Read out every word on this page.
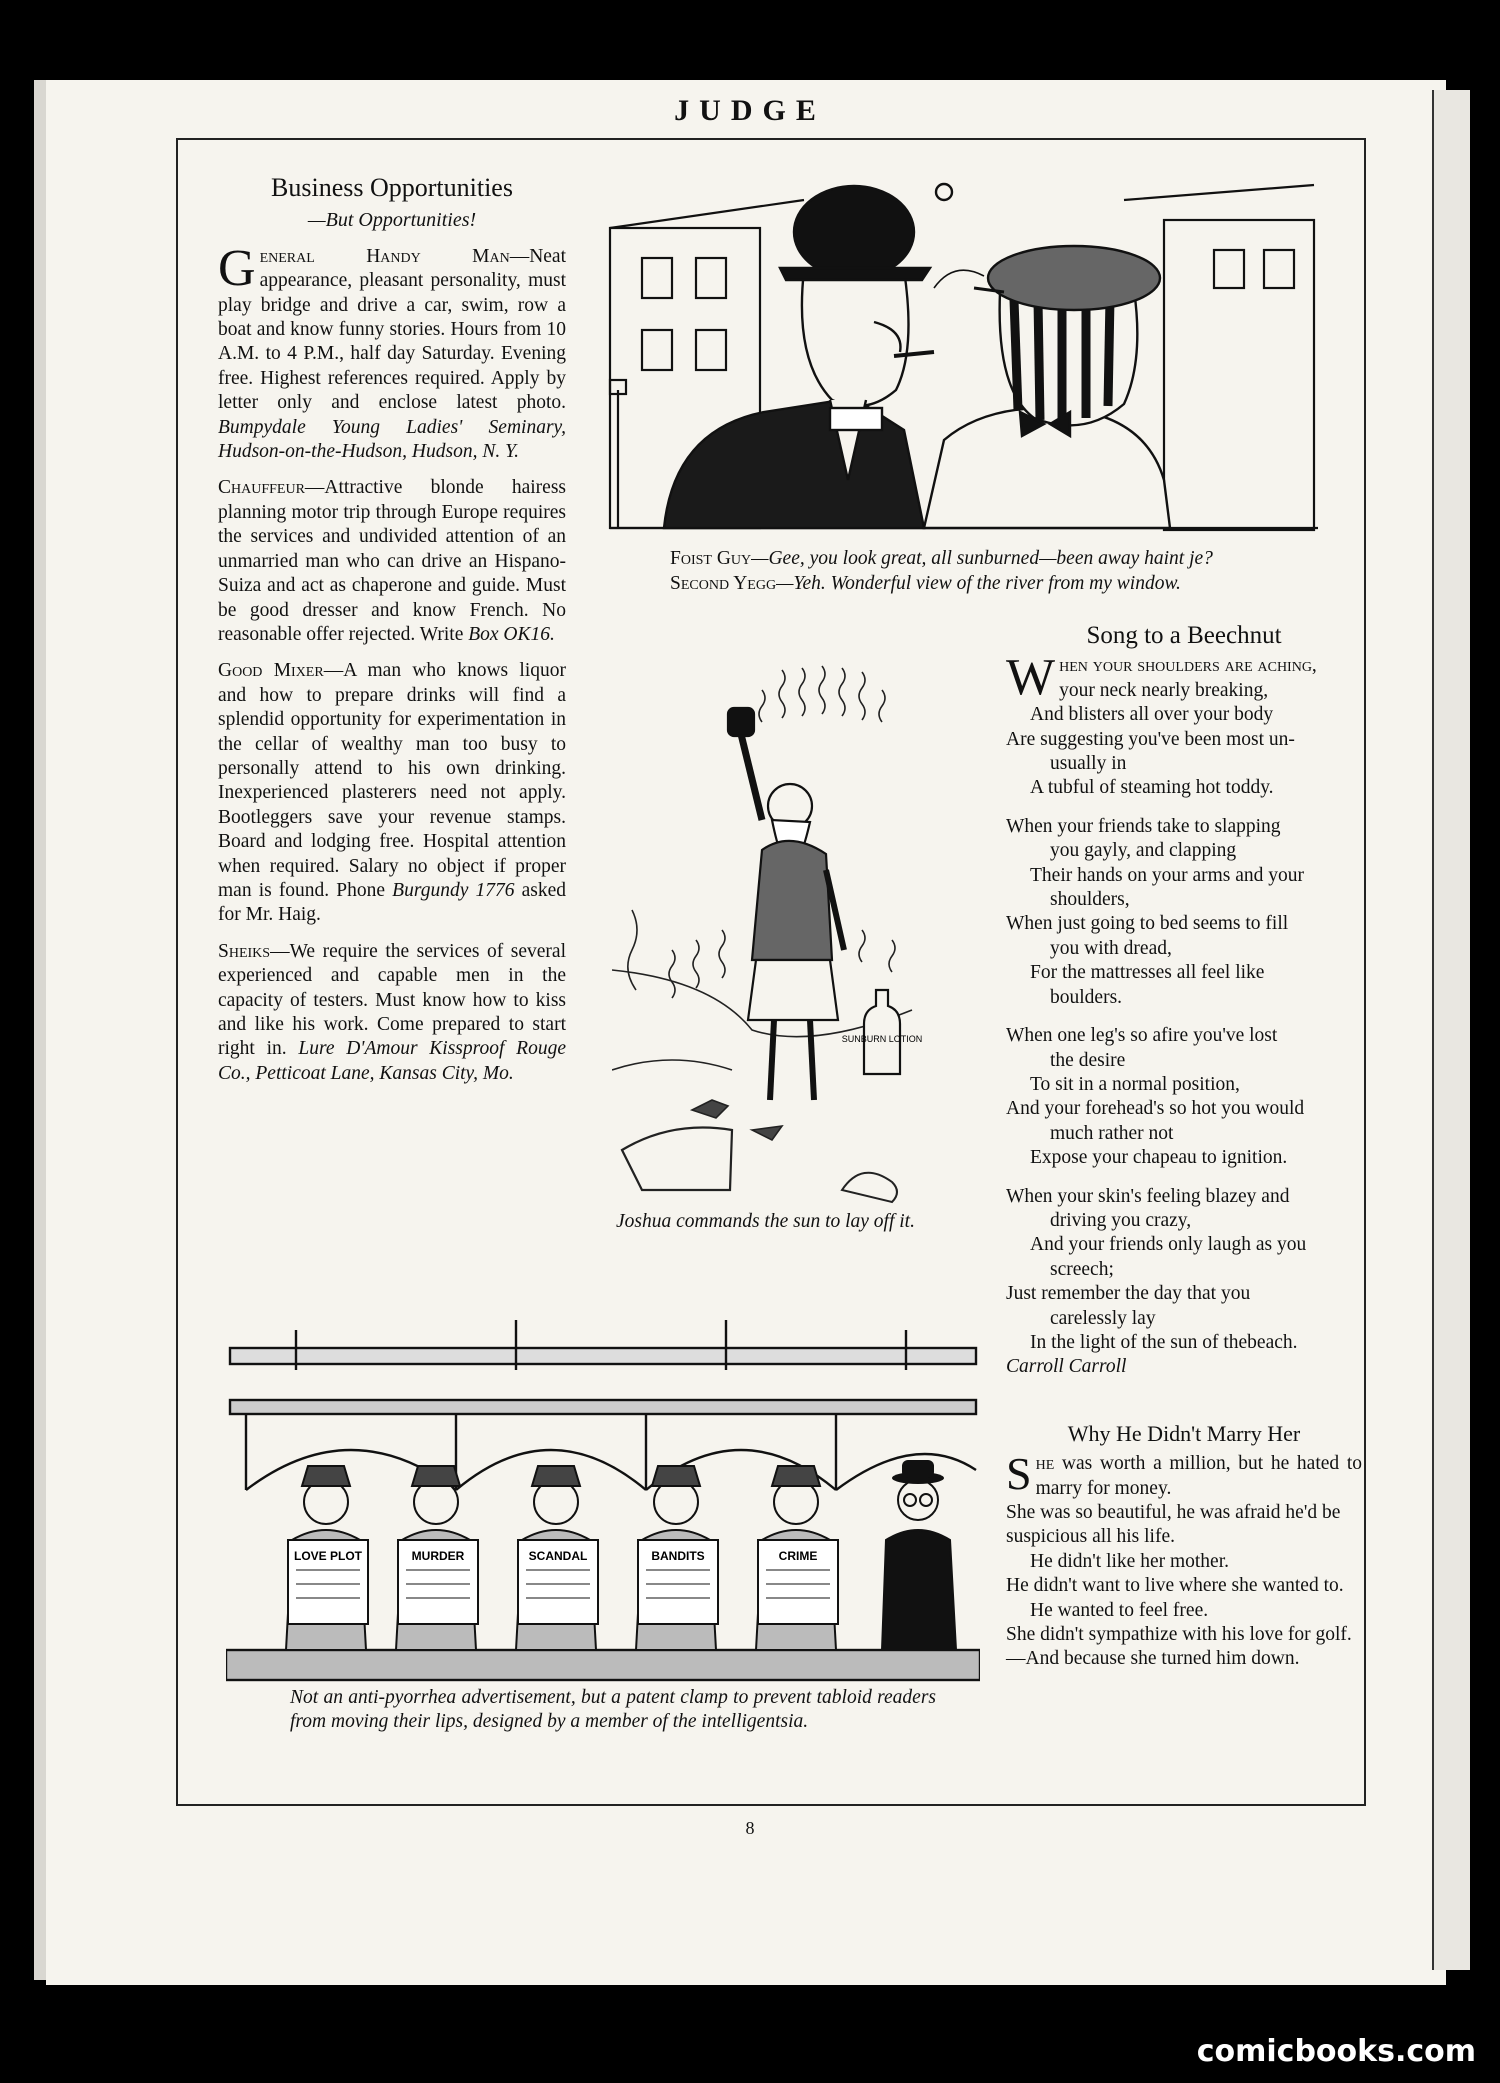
JUDGE
Business Opportunities
—But Opportunities!

General Handy Man—Neat appearance, pleasant personality, must play bridge and drive a car, swim, row a boat and know funny stories. Hours from 10 A.M. to 4 P.M., half day Saturday. Evening free. Highest references required. Apply by letter only and enclose latest photo. Bumpydale Young Ladies' Seminary, Hudson-on-the-Hudson, Hudson, N. Y.

Chauffeur—Attractive blonde hairess planning motor trip through Europe requires the services and undivided attention of an unmarried man who can drive an Hispano-Suiza and act as chaperone and guide. Must be good dresser and know French. No reasonable offer rejected. Write Box OK16.

Good Mixer—A man who knows liquor and how to prepare drinks will find a splendid opportunity for experimentation in the cellar of wealthy man too busy to personally attend to his own drinking. Inexperienced plasterers need not apply. Bootleggers save your revenue stamps. Board and lodging free. Hospital attention when required. Salary no object if proper man is found. Phone Burgundy 1776 asked for Mr. Haig.

Sheiks—We require the services of several experienced and capable men in the capacity of testers. Must know how to kiss and like his work. Come prepared to start right in. Lure D'Amour Kissproof Rouge Co., Petticoat Lane, Kansas City, Mo.

Foist Guy—Gee, you look great, all sunburned—been away haint je?
Second Yegg—Yeh. Wonderful view of the river from my window.
SUNBURN LOTION
Joshua commands the sun to lay off it.
Song to a Beechnut

When your shoulders are aching,

your neck nearly breaking,

And blisters all over your body

Are suggesting you've been most un-

usually in

A tubful of steaming hot toddy.

When your friends take to slapping

you gayly, and clapping

Their hands on your arms and your

shoulders,

When just going to bed seems to fill

you with dread,

For the mattresses all feel like

boulders.

When one leg's so afire you've lost

the desire

To sit in a normal position,

And your forehead's so hot you would

much rather not

Expose your chapeau to ignition.

When your skin's feeling blazey and

driving you crazy,

And your friends only laugh as you

screech;

Just remember the day that you

carelessly lay

In the light of the sun of thebeach.

Carroll Carroll

Why He Didn't Marry Her

She was worth a million, but he hated to marry for money.

She was so beautiful, he was afraid he'd be suspicious all his life.

He didn't like her mother.

He didn't want to live where she wanted to.

He wanted to feel free.

She didn't sympathize with his love for golf.

—And because she turned him down.

LOVE PLOT	MURDER	SCANDAL	BANDITS	CRIME
Not an anti-pyorrhea advertisement, but a patent clamp to prevent tabloid readers from moving their lips, designed by a member of the intelligentsia.
8
comicbooks.com
